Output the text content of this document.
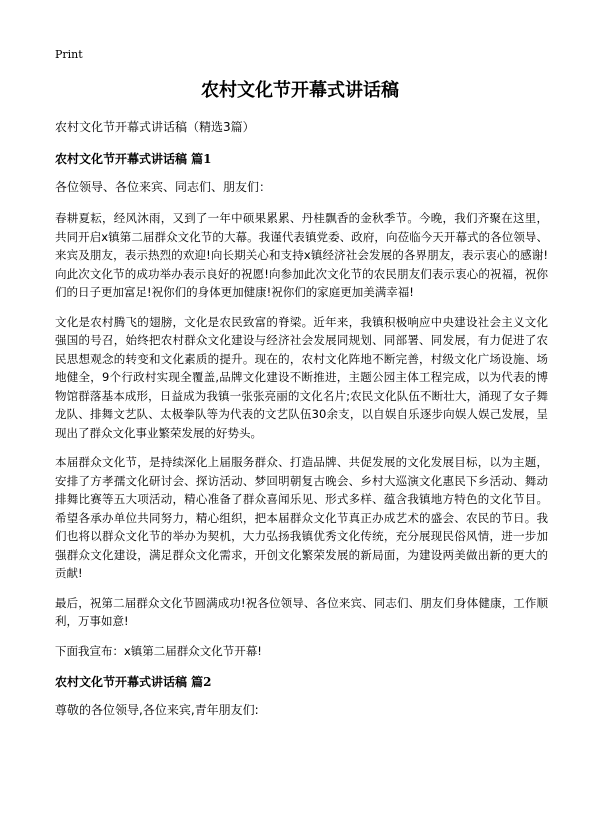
Print
农村文化节开幕式讲话稿

农村文化节开幕式讲话稿（精选3篇）

农村文化节开幕式讲话稿 篇1

各位领导、各位来宾、同志们、朋友们：

春耕夏耘，经风沐雨，又到了一年中硕果累累、丹桂飘香的金秋季节。今晚，我们齐聚在这里，共同开启x镇第二届群众文化节的大幕。我谨代表镇党委、政府，向莅临今天开幕式的各位领导、来宾及朋友，表示热烈的欢迎!向长期关心和支持x镇经济社会发展的各界朋友，表示衷心的感谢!向此次文化节的成功举办表示良好的祝愿!向参加此次文化节的农民朋友们表示衷心的祝福，祝你们的日子更加富足!祝你们的身体更加健康!祝你们的家庭更加美满幸福!

文化是农村腾飞的翅膀，文化是农民致富的脊梁。近年来，我镇积极响应中央建设社会主义文化强国的号召，始终把农村群众文化建设与经济社会发展同规划、同部署、同发展，有力促进了农民思想观念的转变和文化素质的提升。现在的，农村文化阵地不断完善，村级文化广场设施、场地健全，9个行政村实现全覆盖,品牌文化建设不断推进，主题公园主体工程完成，以为代表的博物馆群落基本成形，日益成为我镇一张张亮丽的文化名片;农民文化队伍不断壮大，涌现了女子舞龙队、排舞文艺队、太极拳队等为代表的文艺队伍30余支，以自娱自乐逐步向娱人娱己发展，呈现出了群众文化事业繁荣发展的好势头。

本届群众文化节，是持续深化上届服务群众、打造品牌、共促发展的文化发展目标，以为主题，安排了方孝孺文化研讨会、探访活动、梦回明朝复古晚会、乡村大巡演文化惠民下乡活动、舞动排舞比赛等五大项活动，精心准备了群众喜闻乐见、形式多样、蕴含我镇地方特色的文化节目。希望各承办单位共同努力，精心组织，把本届群众文化节真正办成艺术的盛会、农民的节日。我们也将以群众文化节的举办为契机，大力弘扬我镇优秀文化传统，充分展现民俗风情，进一步加强群众文化建设，满足群众文化需求，开创文化繁荣发展的新局面，为建设两美做出新的更大的贡献!

最后，祝第二届群众文化节圆满成功!祝各位领导、各位来宾、同志们、朋友们身体健康，工作顺利，万事如意!

下面我宣布：x镇第二届群众文化节开幕!

农村文化节开幕式讲话稿 篇2

尊敬的各位领导,各位来宾,青年朋友们:
